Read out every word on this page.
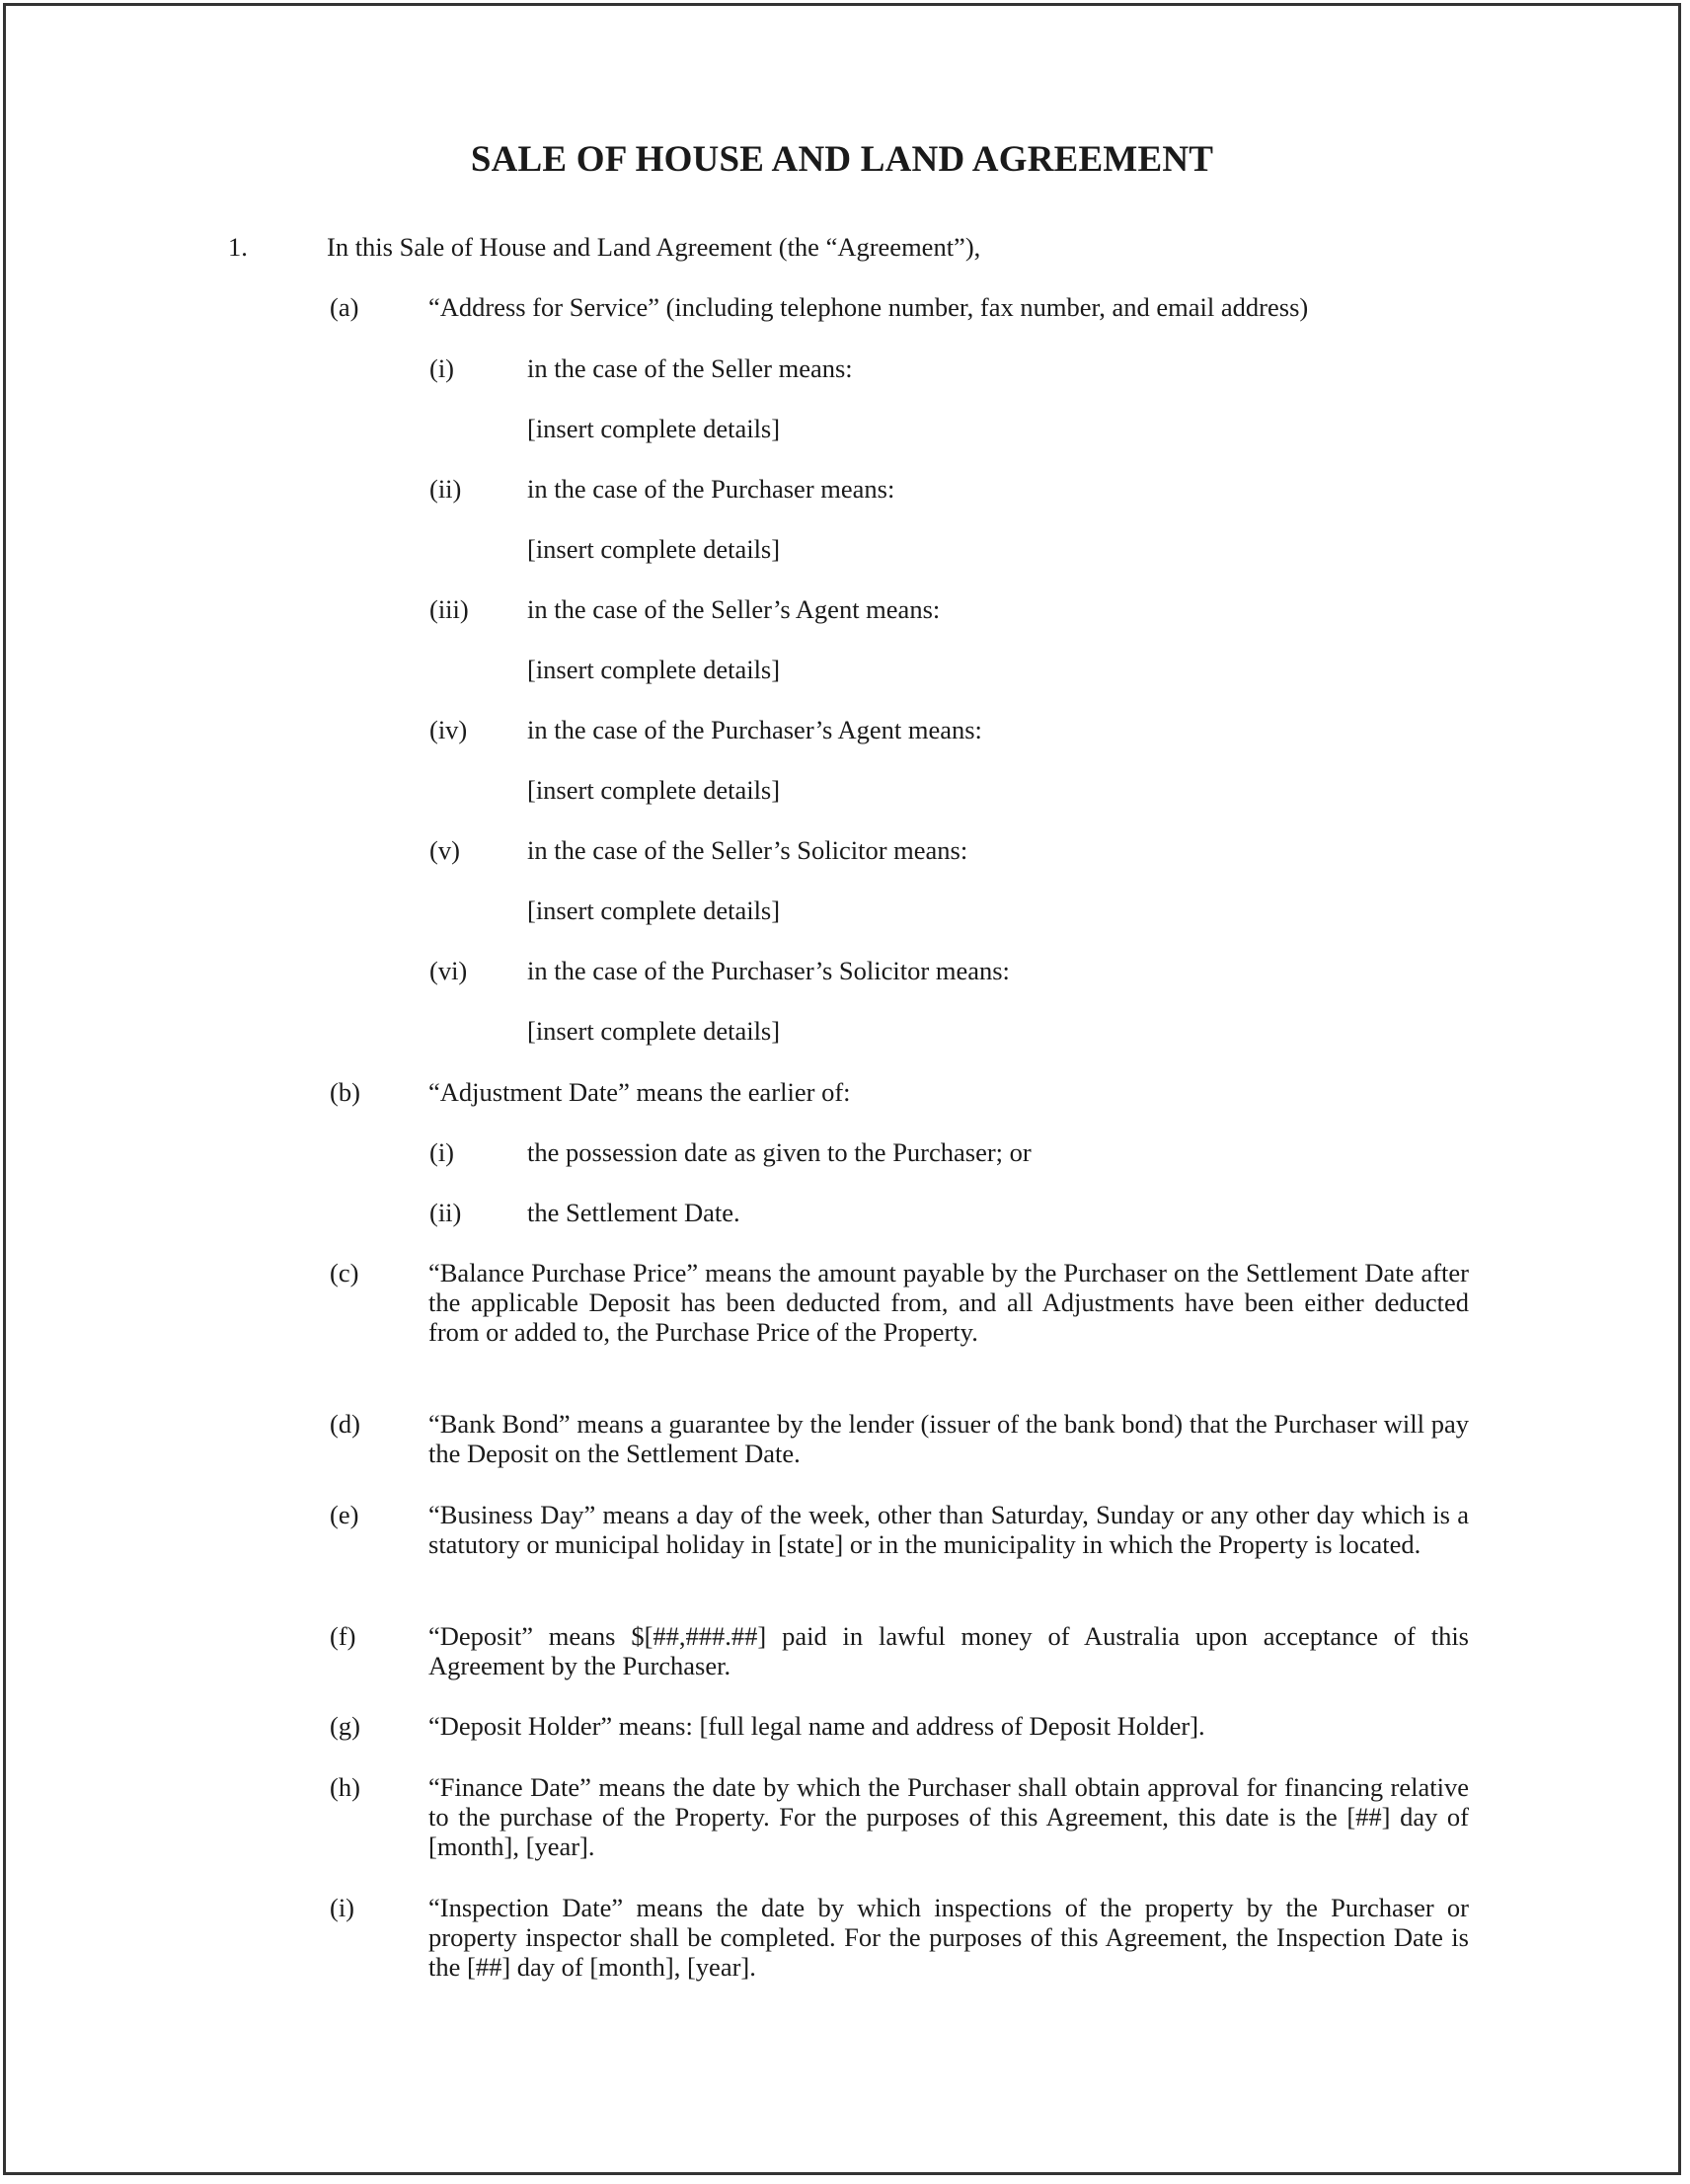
SALE OF HOUSE AND LAND AGREEMENT
1.	In this Sale of House and Land Agreement (the “Agreement”),
(a)	“Address for Service” (including telephone number, fax number, and email address)
(i)	in the case of the Seller means:
[insert complete details]
(ii)	in the case of the Purchaser means:
[insert complete details]
(iii) in the case of the Seller’s Agent means:
[insert complete details]
(iv) in the case of the Purchaser’s Agent means:
[insert complete details]
(v)	in the case of the Seller’s Solicitor means:
[insert complete details]
(vi) in the case of the Purchaser’s Solicitor means:
[insert complete details]
(b)	“Adjustment Date” means the earlier of:
(i)	the possession date as given to the Purchaser; or
(ii)	the Settlement Date.
(c)	“Balance Purchase Price” means the amount payable by the Purchaser on the Settlement Date after the applicable Deposit has been deducted from, and all Adjustments have been either deducted from or added to, the Purchase Price of the Property.
(d)	“Bank Bond” means a guarantee by the lender (issuer of the bank bond) that the Purchaser will pay the Deposit on the Settlement Date.
(e)	“Business Day” means a day of the week, other than Saturday, Sunday or any other day which is a statutory or municipal holiday in [state] or in the municipality in which the Property is located.
(f)	“Deposit” means $[##,###.##] paid in lawful money of Australia upon acceptance of this Agreement by the Purchaser.
(g)	“Deposit Holder” means: [full legal name and address of Deposit Holder].
(h)	“Finance Date” means the date by which the Purchaser shall obtain approval for financing relative to the purchase of the Property. For the purposes of this Agreement, this date is the [##] day of [month], [year].
(i)	“Inspection Date” means the date by which inspections of the property by the Purchaser or property inspector shall be completed. For the purposes of this Agreement, the Inspection Date is the [##] day of [month], [year].
